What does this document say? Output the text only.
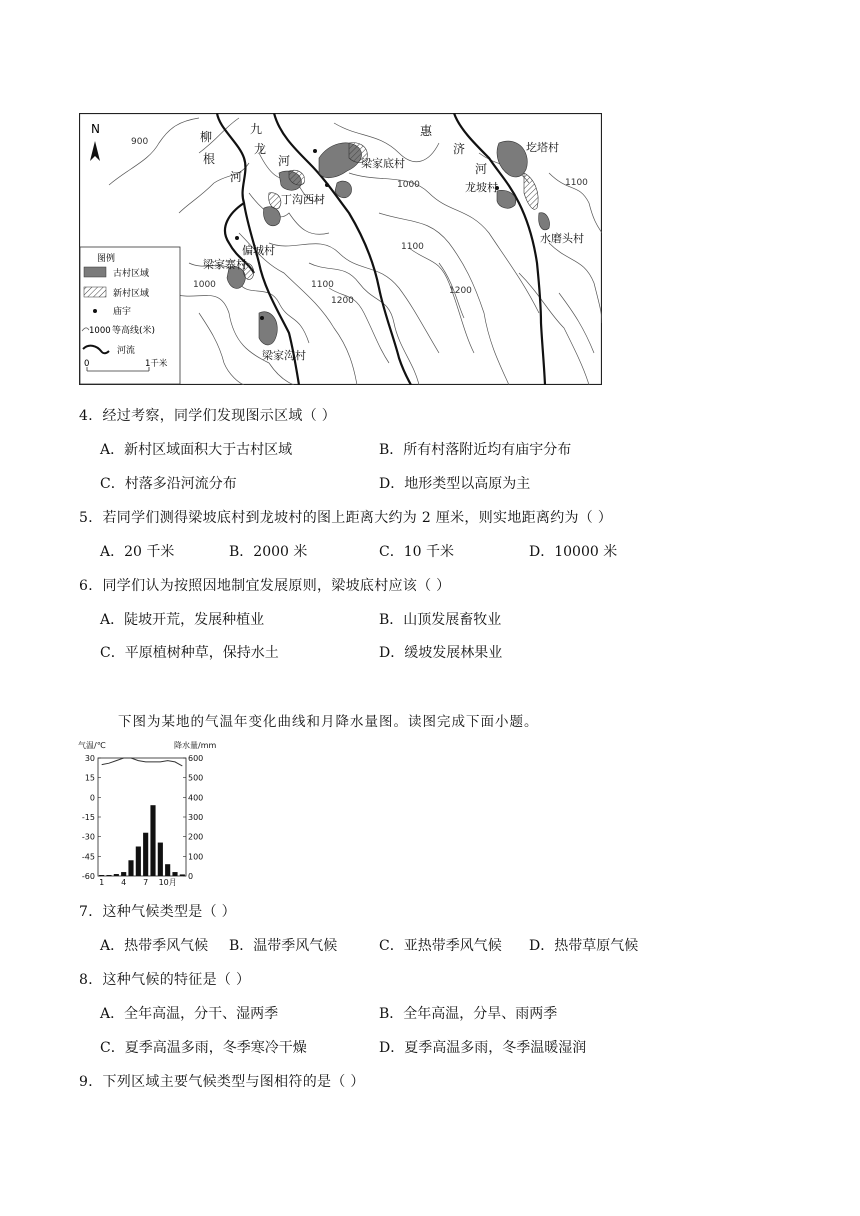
N
900
1000
1100
1200
1100
1200
1000
1100
柳
根
河
九
龙
河
惠
济
河
梁家底村
丁沟西村
偏城村
梁家寨村
梁家沟村
圪塔村
龙坡村
水磨头村
图例
古村区域
新村区域
庙宇
1000 等高线(米)
河流
0	1千米
4．经过考察，同学们发现图示区域（ ）
A．新村区域面积大于古村区域	B．所有村落附近均有庙宇分布
C．村落多沿河流分布	D．地形类型以高原为主
5．若同学们测得梁坡底村到龙坡村的图上距离大约为 2 厘米，则实地距离约为（ ）
A．20 千米	B．2000 米	C．10 千米	D．10000 米
6．同学们认为按照因地制宜发展原则，梁坡底村应该（ ）
A．陡坡开荒，发展种植业	B．山顶发展畜牧业
C．平原植树种草，保持水土	D．缓坡发展林果业
下图为某地的气温年变化曲线和月降水量图。读图完成下面小题。
气温/℃	降水量/mm
30	600
15	500
0	400
-15	300
-30	200
-45	100
-60	0
1 4 7 10月
7．这种气候类型是（ ）
A．热带季风气候 B．温带季风气候	C．亚热带季风气候 D．热带草原气候
8．这种气候的特征是（ ）
A．全年高温，分干、湿两季	B．全年高温，分旱、雨两季
C．夏季高温多雨，冬季寒冷干燥	D．夏季高温多雨，冬季温暖湿润
9．下列区域主要气候类型与图相符的是（ ）
